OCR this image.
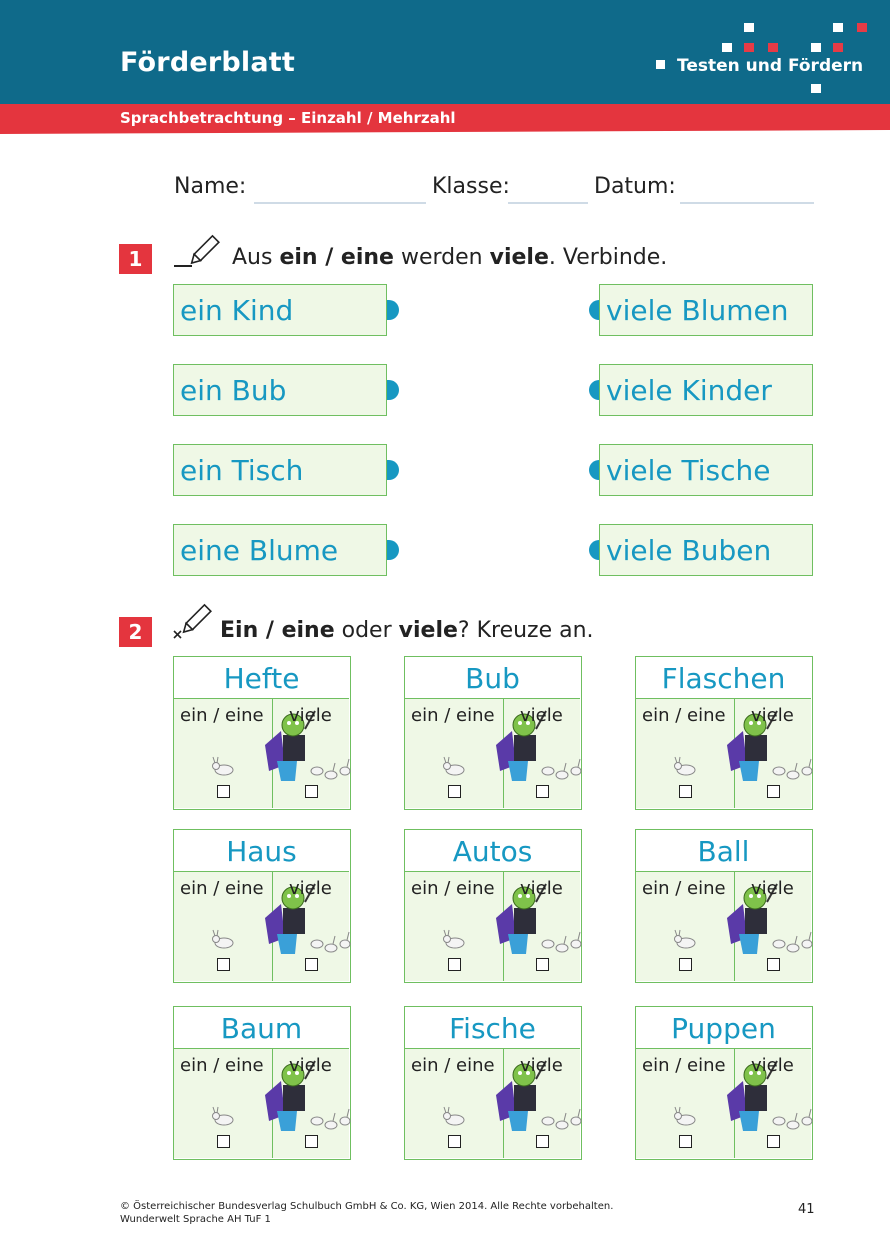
Förderblatt	Testen und Fördern
Sprachbetrachtung – Einzahl / Mehrzahl
Name:	Klasse:	Datum:
1	Aus ein / eine werden viele. Verbinde.
ein Kind	viele Blumen
ein Bub	viele Kinder
ein Tisch	viele Tische
eine Blume	viele Buben
2	Ein / eine oder viele? Kreuze an.
Hefte
ein / eine viele
Bub
ein / eine viele
Flaschen
ein / eine viele
Haus
ein / eine viele
Autos
ein / eine viele
Ball
ein / eine viele
Baum
ein / eine viele
Fische
ein / eine viele
Puppen
ein / eine viele
© Österreichischer Bundesverlag Schulbuch GmbH & Co. KG, Wien 2014. Alle Rechte vorbehalten.
Wunderwelt Sprache AH TuF 1
41
